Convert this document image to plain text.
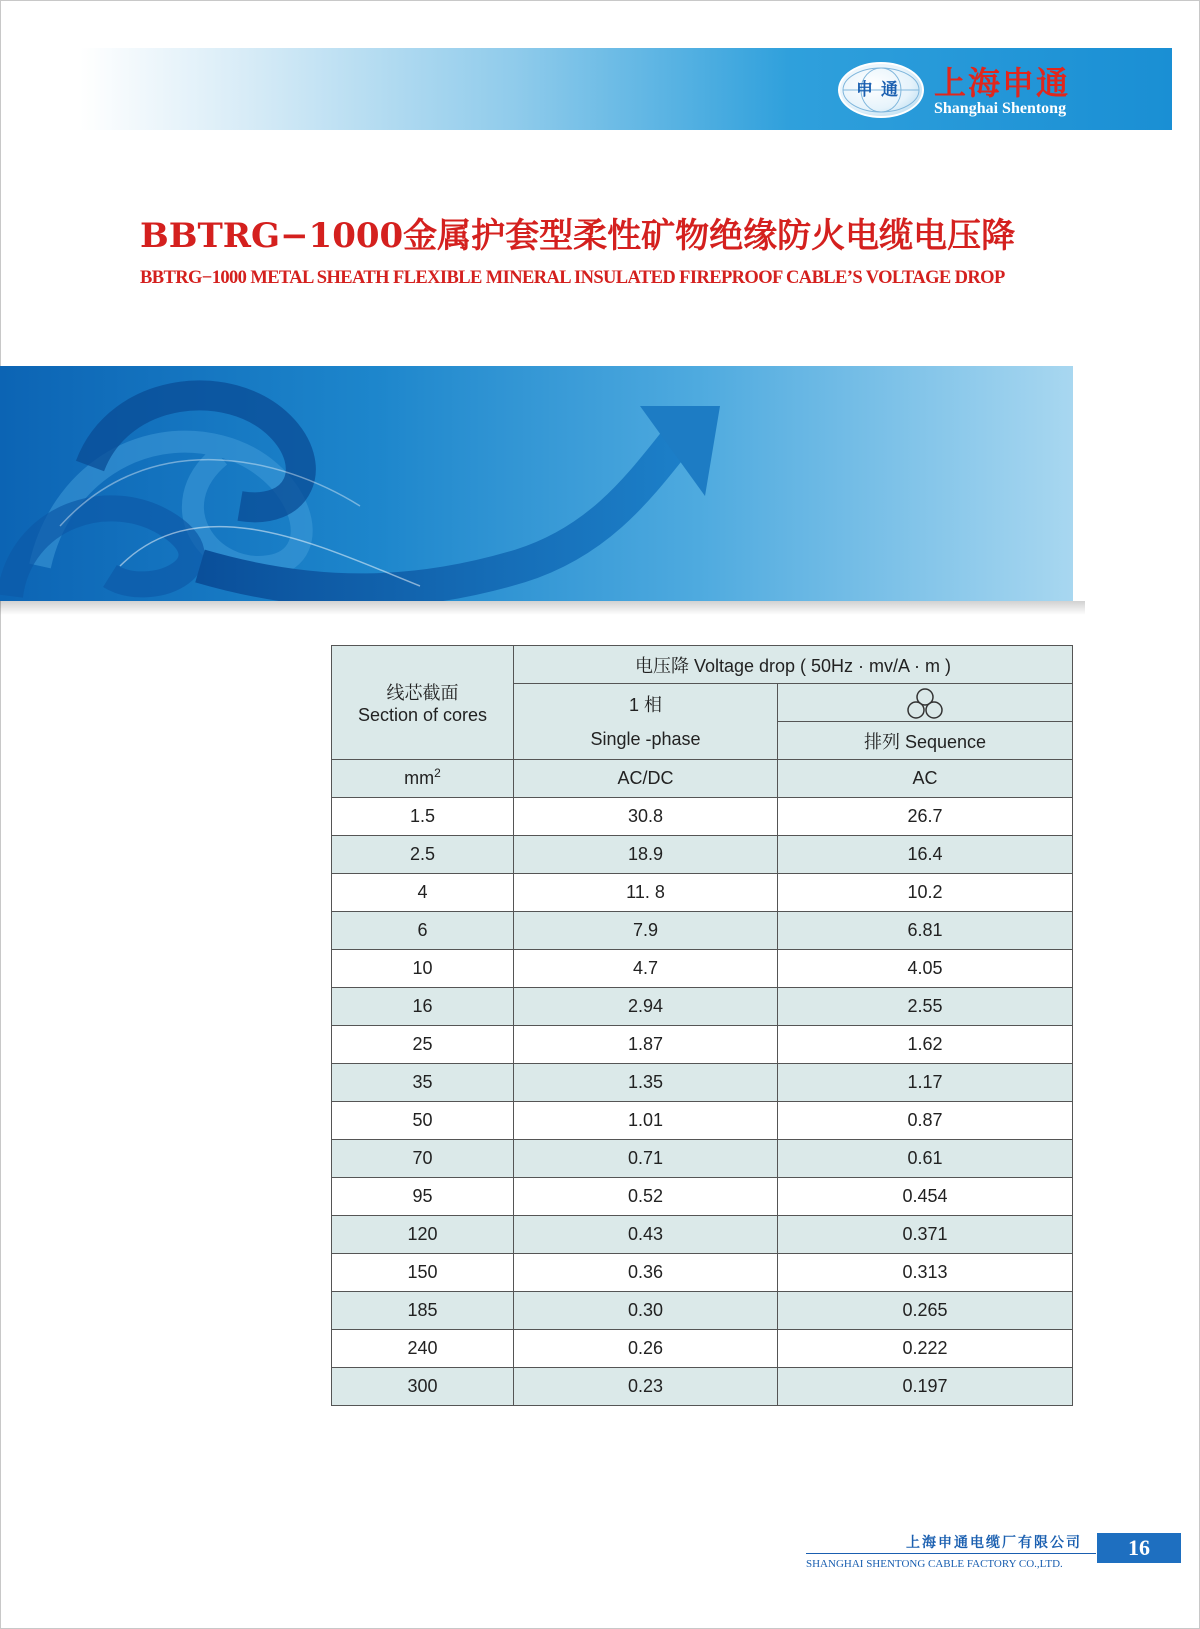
申通 上海申通
Shanghai Shentong
BBTRG−1000金属护套型柔性矿物绝缘防火电缆电压降
BBTRG−1000 METAL SHEATH FLEXIBLE MINERAL INSULATED FIREPROOF CABLE’S VOLTAGE DROP
线芯截面
Section of cores	电压降 Voltage drop ( 50Hz · mv/A · m )	

	1 相
Single -phase

		排列 Sequence
$mm^2$	AC/DC	AC
1.5	30.8	26.7
2.5	18.9	16.4
4	11. 8	10.2
6	7.9	6.81
10	4.7	4.05
16	2.94	2.55
25	1.87	1.62
35	1.35	1.17
50	1.01	0.87
70	0.71	0.61
95	0.52	0.454
120	0.43	0.371
150	0.36	0.313
185	0.30	0.265
240	0.26	0.222
300	0.23	0.197
上海申通电缆厂有限公司
SHANGHAI SHENTONG CABLE FACTORY CO.,LTD.
16
